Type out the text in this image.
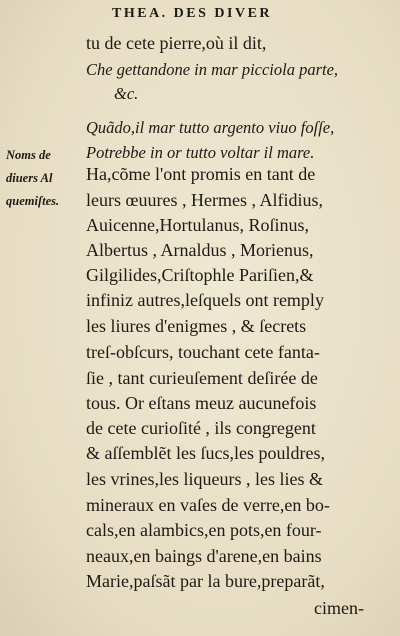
THEA. DES DIVER
Noms de
diuers Al
quemiſtes.
tu de cete pierre,où il dit,
Che gettandone in mar picciola parte,
&c.
Quãdo,il mar tutto argento viuo foſſe,
Potrebbe in or tutto voltar il mare.
Ha,cõme l'ont promis en tant de
leurs œuures , Hermes , Alfidius,
Auicenne,Hortulanus, Roſinus,
Albertus , Arnaldus , Morienus,
Gilgilides,Criſtophle Pariſien,&
infiniz autres,leſquels ont remply
les liures d'enigmes , & ſecrets
treſ-obſcurs, touchant cete fanta-
ſie , tant curieuſement deſirée de
tous. Or eſtans meuz aucunefois
de cete curioſité , ils congregent
& aſſemblẽt les ſucs,les pouldres,
les vrines,les liqueurs , les lies &
mineraux en vaſes de verre,en bo-
cals,en alambics,en pots,en four-
neaux,en baings d'arene,en bains
Marie,paſsãt par la bure,preparãt,
cimen-
